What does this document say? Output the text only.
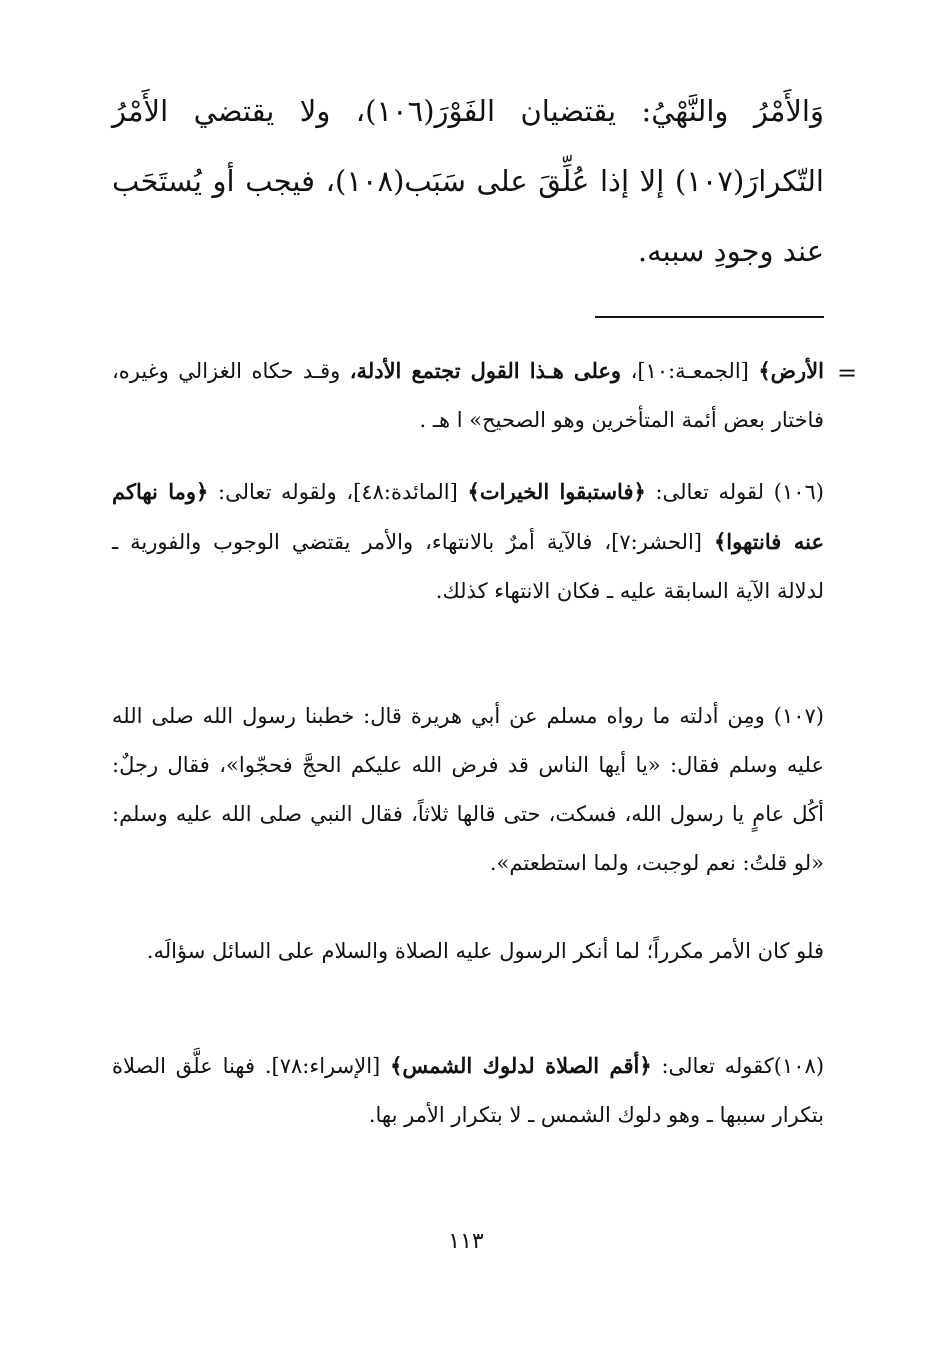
وَالأَمْرُ والنَّهْيُ: يقتضيان الفَوْرَ(١٠٦)، ولا يقتضي الأَمْرُ التّكرارَ(١٠٧) إلا إذا عُلِّقَ على سَبَب(١٠٨)، فيجب أو يُستَحَب عند وجودِ سببه.
=
الأرض﴾ [الجمعـة:١٠]، وعلى هـذا القول تجتمع الأدلة، وقـد حكاه الغزالي وغيره، فاختار بعض أئمة المتأخرين وهو الصحيح» ا هـ .
(١٠٦) لقوله تعالى: ﴿فاستبقوا الخيرات﴾ [المائدة:٤٨]، ولقوله تعالى: ﴿وما نهاكم عنه فانتهوا﴾ [الحشر:٧]، فالآية أمرٌ بالانتهاء، والأمر يقتضي الوجوب والفورية ـ لدلالة الآية السابقة عليه ـ فكان الانتهاء كذلك.
(١٠٧) ومِن أدلته ما رواه مسلم عن أبي هريرة قال: خطبنا رسول الله صلى الله عليه وسلم فقال: «يا أيها الناس قد فرض الله عليكم الحجَّ فحجّوا»، فقال رجلٌ: أكُل عامٍ يا رسول الله، فسكت، حتى قالها ثلاثاً، فقال النبي صلى الله عليه وسلم: «لو قلتُ: نعم لوجبت، ولما استطعتم».
فلو كان الأمر مكرراً؛ لما أنكر الرسول عليه الصلاة والسلام على السائل سؤالَه.
(١٠٨)كقوله تعالى: ﴿أقم الصلاة لدلوك الشمس﴾ [الإسراء:٧٨]. فهنا علَّق الصلاة بتكرار سببها ـ وهو دلوك الشمس ـ لا بتكرار الأمر بها.
١١٣
